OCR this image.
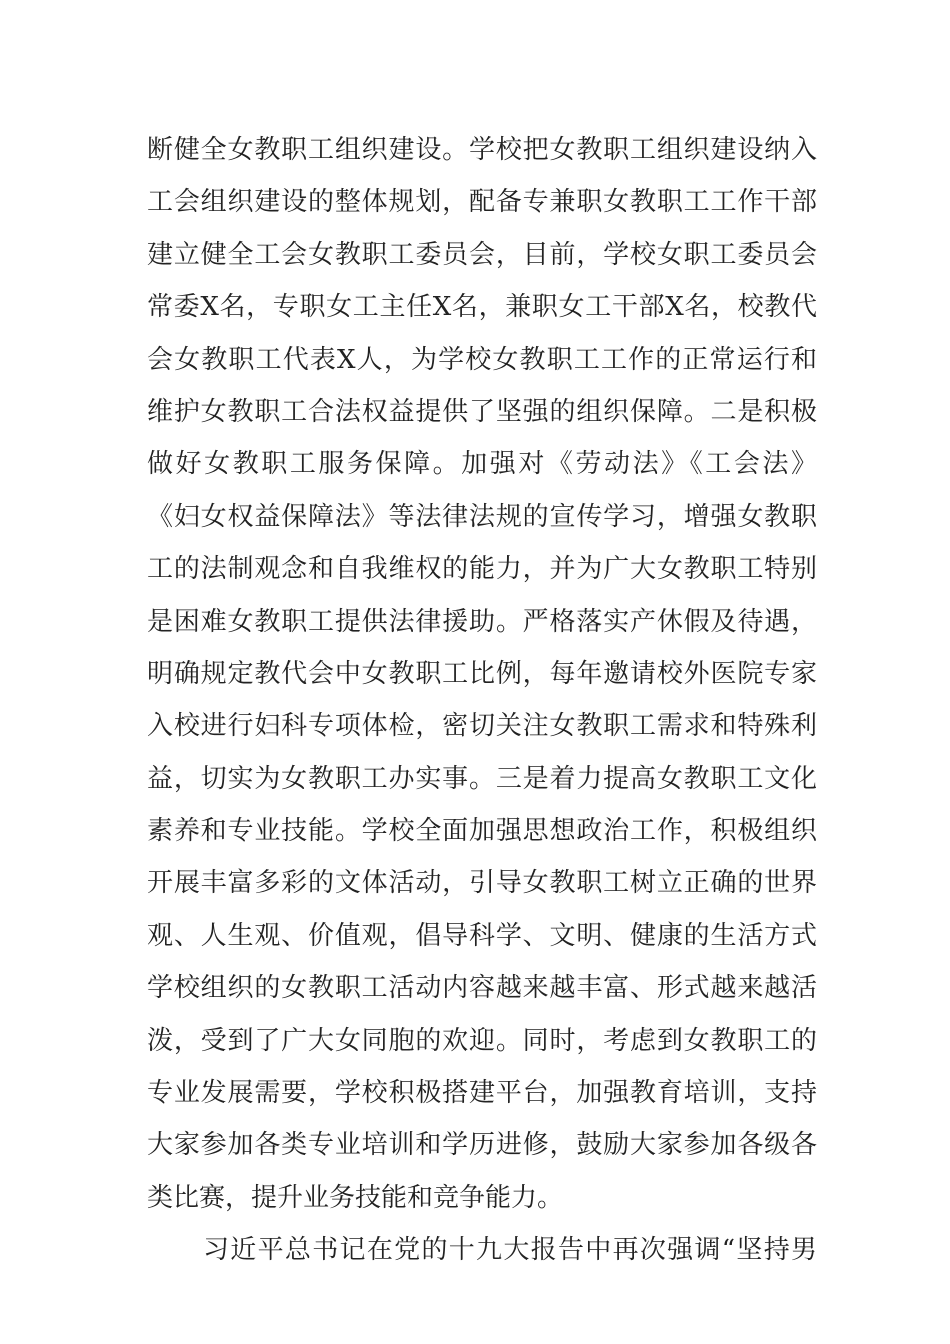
断健全女教职工组织建设。学校把女教职工组织建设纳入
工会组织建设的整体规划，配备专兼职女教职工工作干部
建立健全工会女教职工委员会，目前，学校女职工委员会
常委X名，专职女工主任X名，兼职女工干部X名，校教代
会女教职工代表X人，为学校女教职工工作的正常运行和
维护女教职工合法权益提供了坚强的组织保障。二是积极
做好女教职工服务保障。加强对《劳动法》《工会法》
《妇女权益保障法》等法律法规的宣传学习，增强女教职
工的法制观念和自我维权的能力，并为广大女教职工特别
是困难女教职工提供法律援助。严格落实产休假及待遇，
明确规定教代会中女教职工比例，每年邀请校外医院专家
入校进行妇科专项体检，密切关注女教职工需求和特殊利
益，切实为女教职工办实事。三是着力提高女教职工文化
素养和专业技能。学校全面加强思想政治工作，积极组织
开展丰富多彩的文体活动，引导女教职工树立正确的世界
观、人生观、价值观，倡导科学、文明、健康的生活方式
学校组织的女教职工活动内容越来越丰富、形式越来越活
泼，受到了广大女同胞的欢迎。同时，考虑到女教职工的
专业发展需要，学校积极搭建平台，加强教育培训，支持
大家参加各类专业培训和学历进修，鼓励大家参加各级各
类比赛，提升业务技能和竞争能力。
习近平总书记在党的十九大报告中再次强调“坚持男
